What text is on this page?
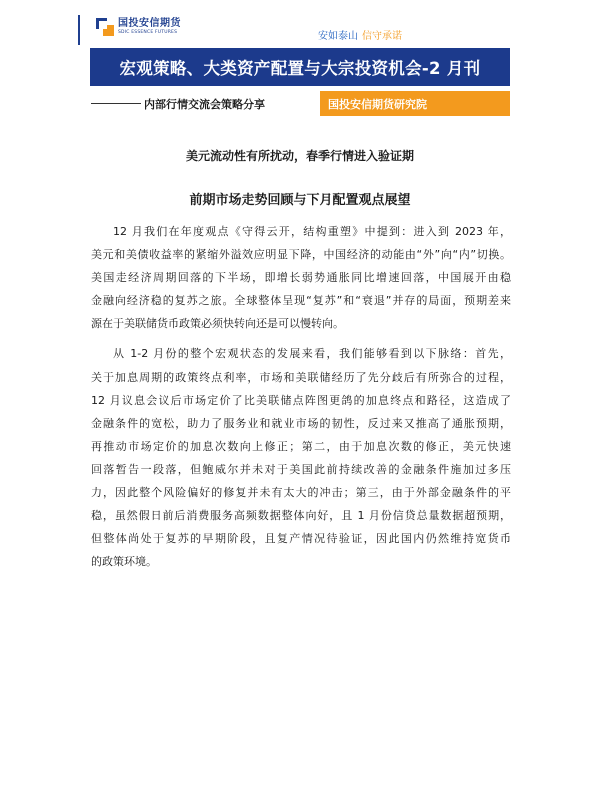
国投安信期货
SDIC ESSENCE FUTURES	安如泰山 信守承诺
宏观策略、大类资产配置与大宗投资机会-2 月刊
内部行情交流会策略分享	国投安信期货研究院
美元流动性有所扰动，春季行情进入验证期
前期市场走势回顾与下月配置观点展望
12 月我们在年度观点《守得云开，结构重塑》中提到：进入到 2023 年，
美元和美债收益率的紧缩外溢效应明显下降，中国经济的动能由“外”向“内”切换。
美国走经济周期回落的下半场，即增长弱势通胀同比增速回落，中国展开由稳
金融向经济稳的复苏之旅。全球整体呈现“复苏”和“衰退”并存的局面，预期差来
源在于美联储货币政策必须快转向还是可以慢转向。
从 1-2 月份的整个宏观状态的发展来看，我们能够看到以下脉络：首先，
关于加息周期的政策终点利率，市场和美联储经历了先分歧后有所弥合的过程，
12 月议息会议后市场定价了比美联储点阵图更鸽的加息终点和路径，这造成了
金融条件的宽松，助力了服务业和就业市场的韧性，反过来又推高了通胀预期，
再推动市场定价的加息次数向上修正；第二，由于加息次数的修正，美元快速
回落暂告一段落，但鲍威尔并未对于美国此前持续改善的金融条件施加过多压
力，因此整个风险偏好的修复并未有太大的冲击；第三，由于外部金融条件的平
稳，虽然假日前后消费服务高频数据整体向好，且 1 月份信贷总量数据超预期，
但整体尚处于复苏的早期阶段，且复产情况待验证，因此国内仍然维持宽货币
的政策环境。
